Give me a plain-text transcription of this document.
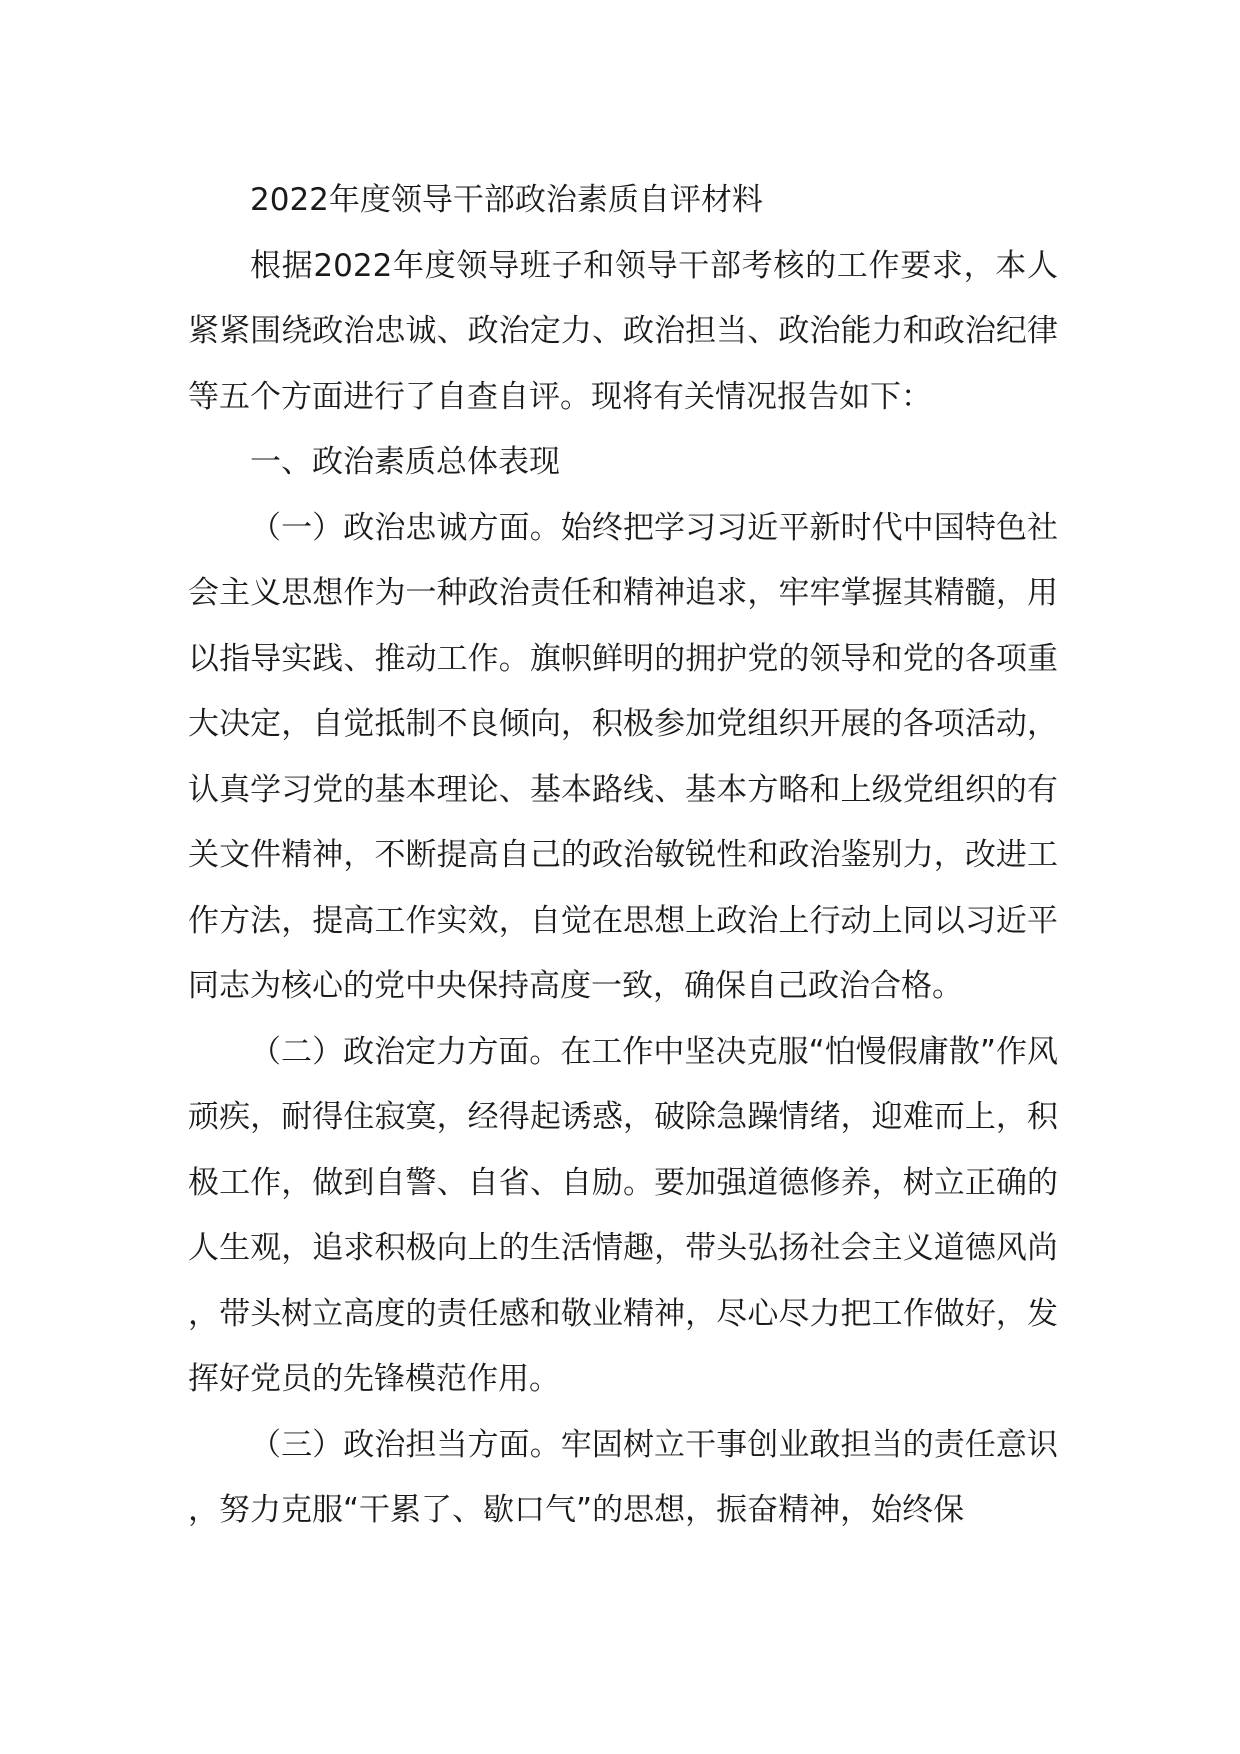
2022年度领导干部政治素质自评材料

根据2022年度领导班子和领导干部考核的工作要求，本人紧紧围绕政治忠诚、政治定力、政治担当、政治能力和政治纪律等五个方面进行了自查自评。现将有关情况报告如下：

一、政治素质总体表现

（一）政治忠诚方面。始终把学习习近平新时代中国特色社会主义思想作为一种政治责任和精神追求，牢牢掌握其精髓，用以指导实践、推动工作。旗帜鲜明的拥护党的领导和党的各项重大决定，自觉抵制不良倾向，积极参加党组织开展的各项活动，认真学习党的基本理论、基本路线、基本方略和上级党组织的有关文件精神，不断提高自己的政治敏锐性和政治鉴别力，改进工作方法，提高工作实效，自觉在思想上政治上行动上同以习近平同志为核心的党中央保持高度一致，确保自己政治合格。

（二）政治定力方面。在工作中坚决克服“怕慢假庸散”作风顽疾，耐得住寂寞，经得起诱惑，破除急躁情绪，迎难而上，积极工作，做到自警、自省、自励。要加强道德修养，树立正确的人生观，追求积极向上的生活情趣，带头弘扬社会主义道德风尚，带头树立高度的责任感和敬业精神，尽心尽力把工作做好，发挥好党员的先锋模范作用。

（三）政治担当方面。牢固树立干事创业敢担当的责任意识，努力克服“干累了、歇口气”的思想，振奋精神，始终保
